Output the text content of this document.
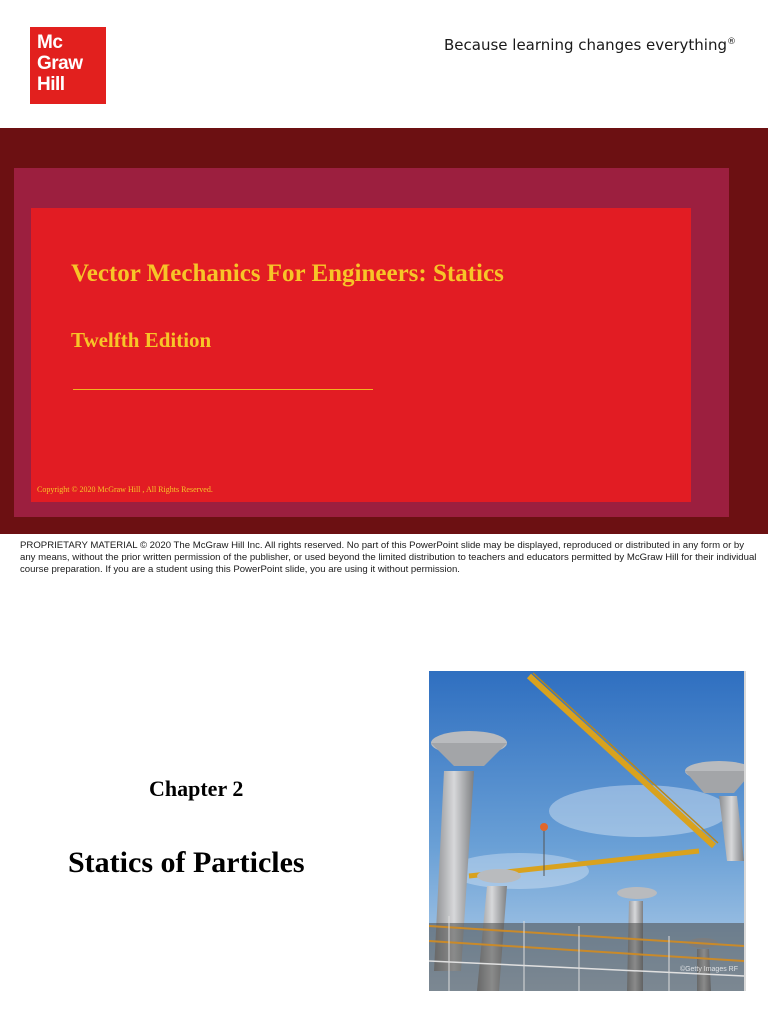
Mc
Graw
Hill
Because learning changes everything®
Vector Mechanics For Engineers: Statics
Twelfth Edition
Copyright © 2020 McGraw Hill , All Rights Reserved.

PROPRIETARY MATERIAL © 2020 The McGraw Hill Inc. All rights reserved. No part of this PowerPoint slide may be displayed, reproduced or distributed in any form or by any means, without the prior written permission of the publisher, or used beyond the limited distribution to teachers and educators permitted by McGraw Hill for their individual course preparation. If you are a student using this PowerPoint slide, you are using it without permission.

Chapter 2
Statics of Particles
©Getty Images RF
